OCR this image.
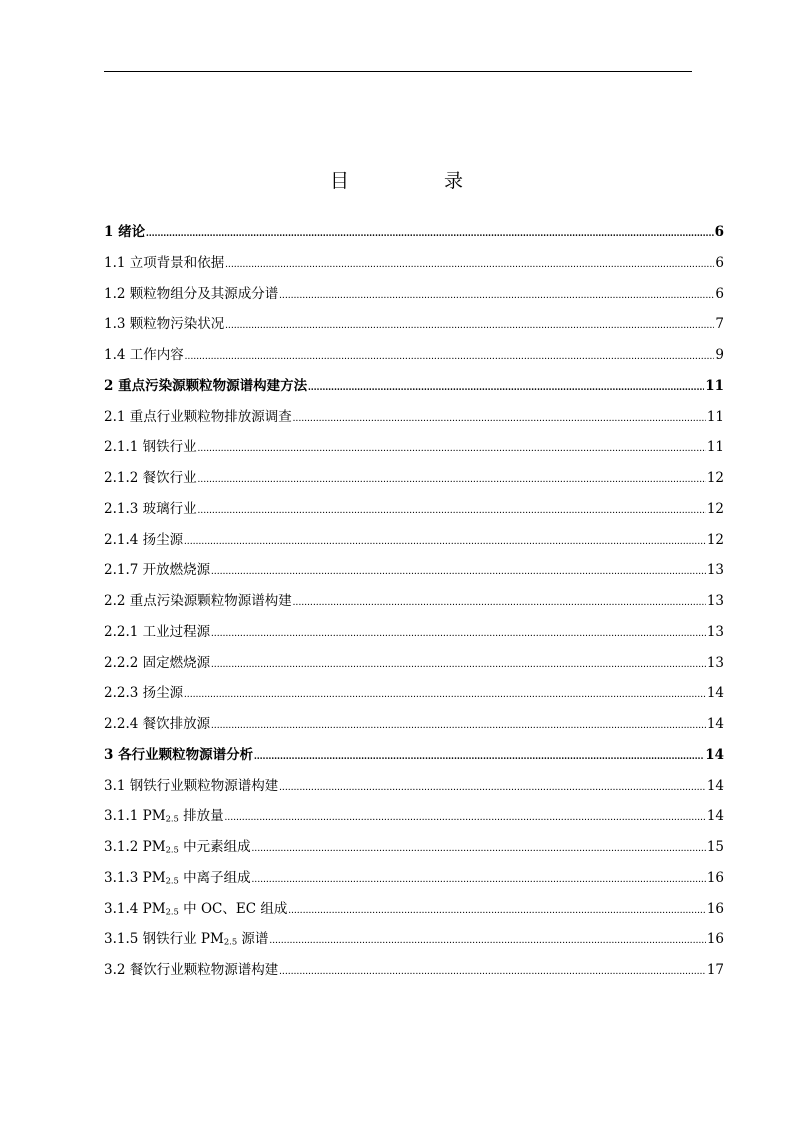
目　录
1 绪论 .....	6
1.1 立项背景和依据 .....	6
1.2 颗粒物组分及其源成分谱 .....	6
1.3 颗粒物污染状况 .....	7
1.4 工作内容 .....	9
2 重点污染源颗粒物源谱构建方法 .....	11
2.1 重点行业颗粒物排放源调查 .....	11
2.1.1 钢铁行业 .....	11
2.1.2 餐饮行业 .....	12
2.1.3 玻璃行业 .....	12
2.1.4 扬尘源 .....	12
2.1.7 开放燃烧源 .....	13
2.2 重点污染源颗粒物源谱构建 .....	13
2.2.1 工业过程源 .....	13
2.2.2 固定燃烧源 .....	13
2.2.3 扬尘源 .....	14
2.2.4 餐饮排放源 .....	14
3 各行业颗粒物源谱分析 .....	14
3.1 钢铁行业颗粒物源谱构建 .....	14
3.1.1 $PM_{2.5}$ 排放量 .....	14
3.1.2 $PM_{2.5}$ 中元素组成 .....	15
3.1.3 $PM_{2.5}$ 中离子组成 .....	16
3.1.4 $PM_{2.5}$ 中 OC、EC 组成 .....	16
3.1.5 钢铁行业 $PM_{2.5}$ 源谱 .....	16
3.2 餐饮行业颗粒物源谱构建 .....	17
